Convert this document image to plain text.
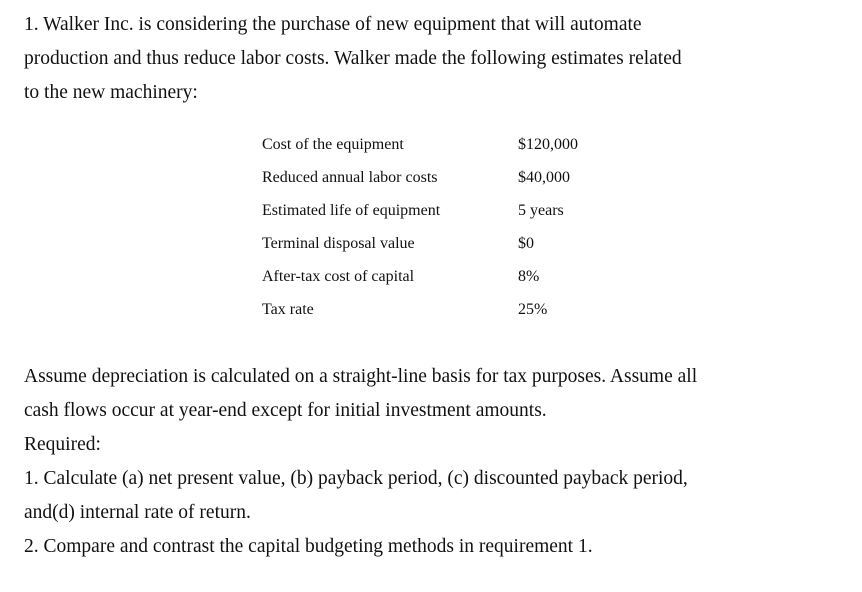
1. Walker Inc. is considering the purchase of new equipment that will automate
production and thus reduce labor costs. Walker made the following estimates related
to the new machinery:

Cost of the equipment	$120,000
Reduced annual labor costs	$40,000
Estimated life of equipment	5 years
Terminal disposal value	$0
After-tax cost of capital	8%
Tax rate	25%

Assume depreciation is calculated on a straight-line basis for tax purposes. Assume all
cash flows occur at year-end except for initial investment amounts.

Required:
1. Calculate (a) net present value, (b) payback period, (c) discounted payback period,
and(d) internal rate of return.
2. Compare and contrast the capital budgeting methods in requirement 1.
